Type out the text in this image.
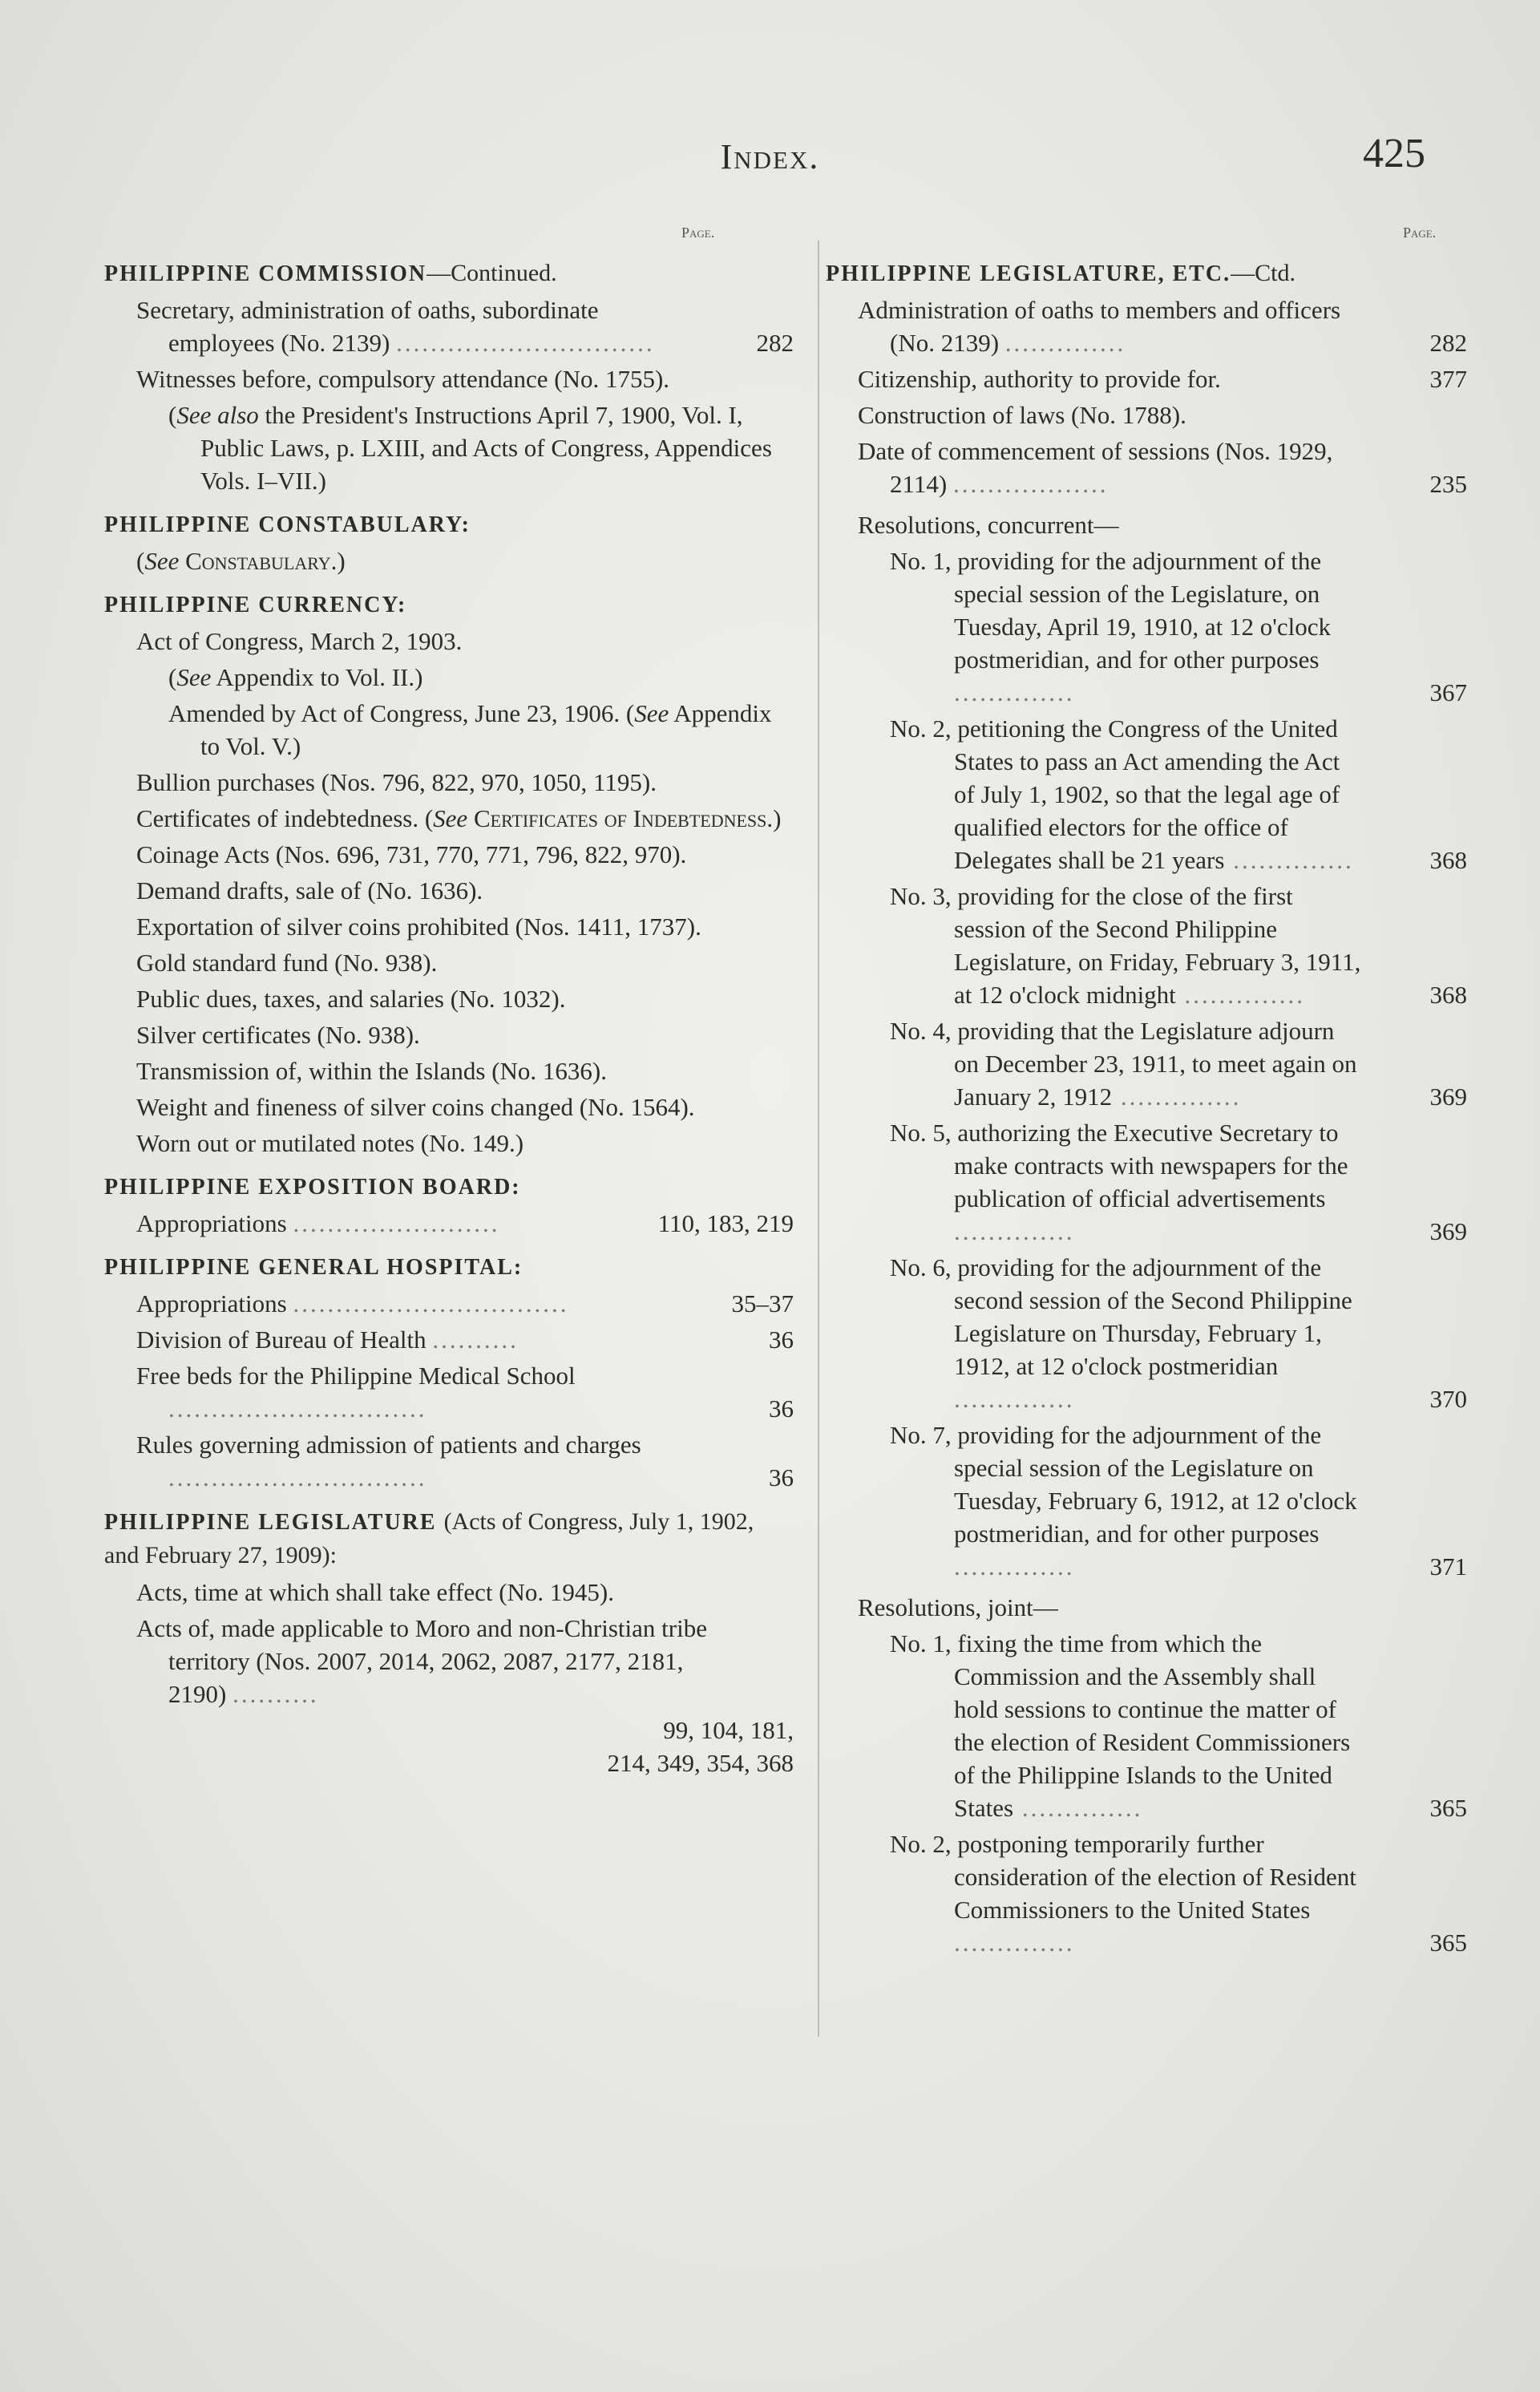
Index.	425
Page.
PHILIPPINE COMMISSION—Continued.
Secretary, administration of oaths, subordinate employees (No. 2139) ..............................	282
Witnesses before, compulsory attendance (No. 1755).
(See also the President's Instructions April 7, 1900, Vol. I, Public Laws, p. LXIII, and Acts of Congress, Appendices Vols. I–VII.)
PHILIPPINE CONSTABULARY:
(See Constabulary.)
PHILIPPINE CURRENCY:
Act of Congress, March 2, 1903.
(See Appendix to Vol. II.)
Amended by Act of Congress, June 23, 1906. (See Appendix to Vol. V.)
Bullion purchases (Nos. 796, 822, 970, 1050, 1195).
Certificates of indebtedness. (See Certificates of Indebtedness.)
Coinage Acts (Nos. 696, 731, 770, 771, 796, 822, 970).
Demand drafts, sale of (No. 1636).
Exportation of silver coins prohibited (Nos. 1411, 1737).
Gold standard fund (No. 938).
Public dues, taxes, and salaries (No. 1032).
Silver certificates (No. 938).
Transmission of, within the Islands (No. 1636).
Weight and fineness of silver coins changed (No. 1564).
Worn out or mutilated notes (No. 149.)
PHILIPPINE EXPOSITION BOARD:
Appropriations ........................	110, 183, 219
PHILIPPINE GENERAL HOSPITAL:
Appropriations ................................	35–37
Division of Bureau of Health ..........	36
Free beds for the Philippine Medical School ..............................	36
Rules governing admission of patients and charges ..............................	36
PHILIPPINE LEGISLATURE (Acts of Congress, July 1, 1902, and February 27, 1909):
Acts, time at which shall take effect (No. 1945).
Acts of, made applicable to Moro and non-Christian tribe territory (Nos. 2007, 2014, 2062, 2087, 2177, 2181, 2190) ..........
99, 104, 181,
214, 349, 354, 368
Page.
PHILIPPINE LEGISLATURE, ETC.—Ctd.
Administration of oaths to members and officers (No. 2139) ..............	282
Citizenship, authority to provide for.	377
Construction of laws (No. 1788).
Date of commencement of sessions (Nos. 1929, 2114) ..................	235
Resolutions, concurrent—
No. 1, providing for the adjournment of the special session of the Legislature, on Tuesday, April 19, 1910, at 12 o'clock postmeridian, and for other purposes ..............	367
No. 2, petitioning the Congress of the United States to pass an Act amending the Act of July 1, 1902, so that the legal age of qualified electors for the office of Delegates shall be 21 years ..............	368
No. 3, providing for the close of the first session of the Second Philippine Legislature, on Friday, February 3, 1911, at 12 o'clock midnight ..............	368
No. 4, providing that the Legislature adjourn on December 23, 1911, to meet again on January 2, 1912 ..............	369
No. 5, authorizing the Executive Secretary to make contracts with newspapers for the publication of official advertisements ..............	369
No. 6, providing for the adjournment of the second session of the Second Philippine Legislature on Thursday, February 1, 1912, at 12 o'clock postmeridian ..............	370
No. 7, providing for the adjournment of the special session of the Legislature on Tuesday, February 6, 1912, at 12 o'clock postmeridian, and for other purposes ..............	371
Resolutions, joint—
No. 1, fixing the time from which the Commission and the Assembly shall hold sessions to continue the matter of the election of Resident Commissioners of the Philippine Islands to the United States ..............	365
No. 2, postponing temporarily further consideration of the election of Resident Commissioners to the United States ..............	365
